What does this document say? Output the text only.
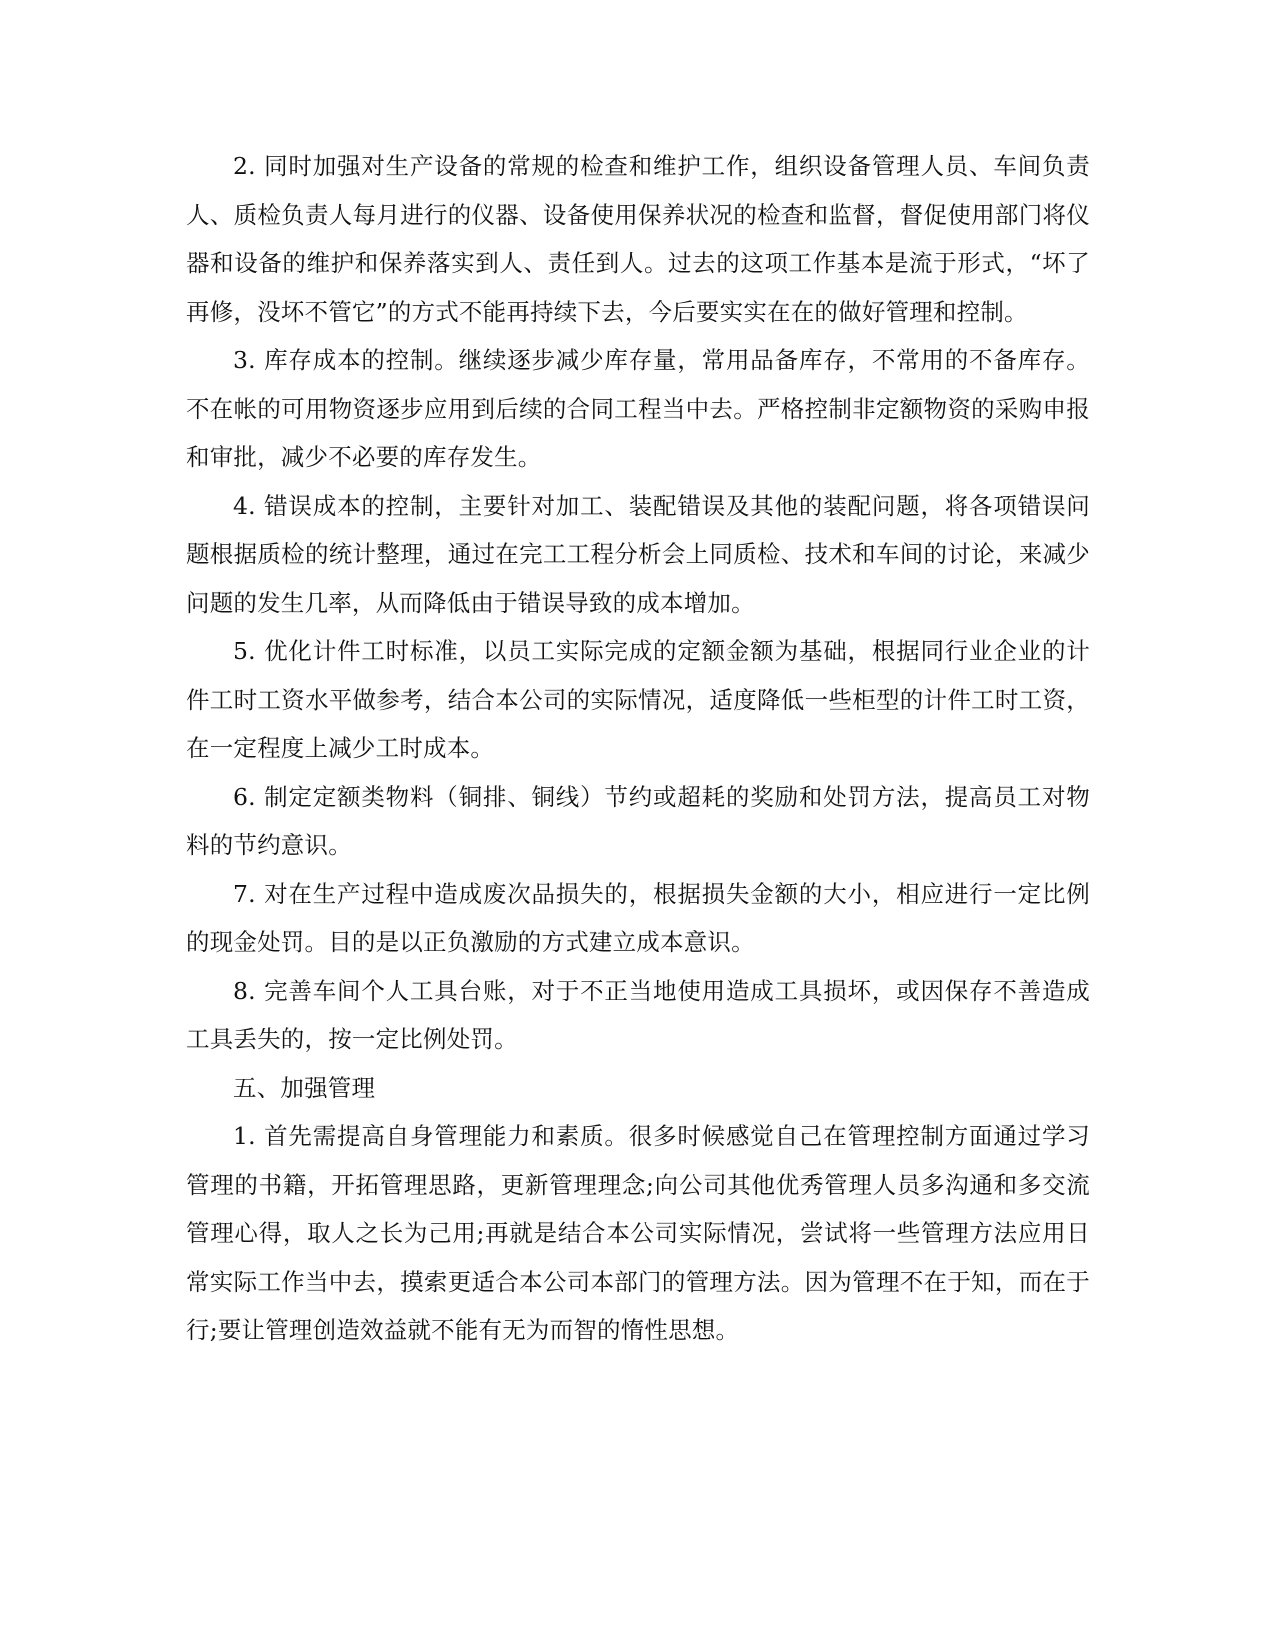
2. 同时加强对生产设备的常规的检查和维护工作，组织设备管理人员、车间负责人、质检负责人每月进行的仪器、设备使用保养状况的检查和监督，督促使用部门将仪器和设备的维护和保养落实到人、责任到人。过去的这项工作基本是流于形式，“坏了再修，没坏不管它”的方式不能再持续下去，今后要实实在在的做好管理和控制。

3. 库存成本的控制。继续逐步减少库存量，常用品备库存，不常用的不备库存。不在帐的可用物资逐步应用到后续的合同工程当中去。严格控制非定额物资的采购申报和审批，减少不必要的库存发生。

4. 错误成本的控制，主要针对加工、装配错误及其他的装配问题，将各项错误问题根据质检的统计整理，通过在完工工程分析会上同质检、技术和车间的讨论，来减少问题的发生几率，从而降低由于错误导致的成本增加。

5. 优化计件工时标准，以员工实际完成的定额金额为基础，根据同行业企业的计件工时工资水平做参考，结合本公司的实际情况，适度降低一些柜型的计件工时工资，在一定程度上减少工时成本。

6. 制定定额类物料（铜排、铜线）节约或超耗的奖励和处罚方法，提高员工对物料的节约意识。

7. 对在生产过程中造成废次品损失的，根据损失金额的大小，相应进行一定比例的现金处罚。目的是以正负激励的方式建立成本意识。

8. 完善车间个人工具台账，对于不正当地使用造成工具损坏，或因保存不善造成工具丢失的，按一定比例处罚。

五、加强管理

1. 首先需提高自身管理能力和素质。很多时候感觉自己在管理控制方面通过学习管理的书籍，开拓管理思路，更新管理理念;向公司其他优秀管理人员多沟通和多交流管理心得，取人之长为己用;再就是结合本公司实际情况，尝试将一些管理方法应用日常实际工作当中去，摸索更适合本公司本部门的管理方法。因为管理不在于知，而在于行;要让管理创造效益就不能有无为而智的惰性思想。
